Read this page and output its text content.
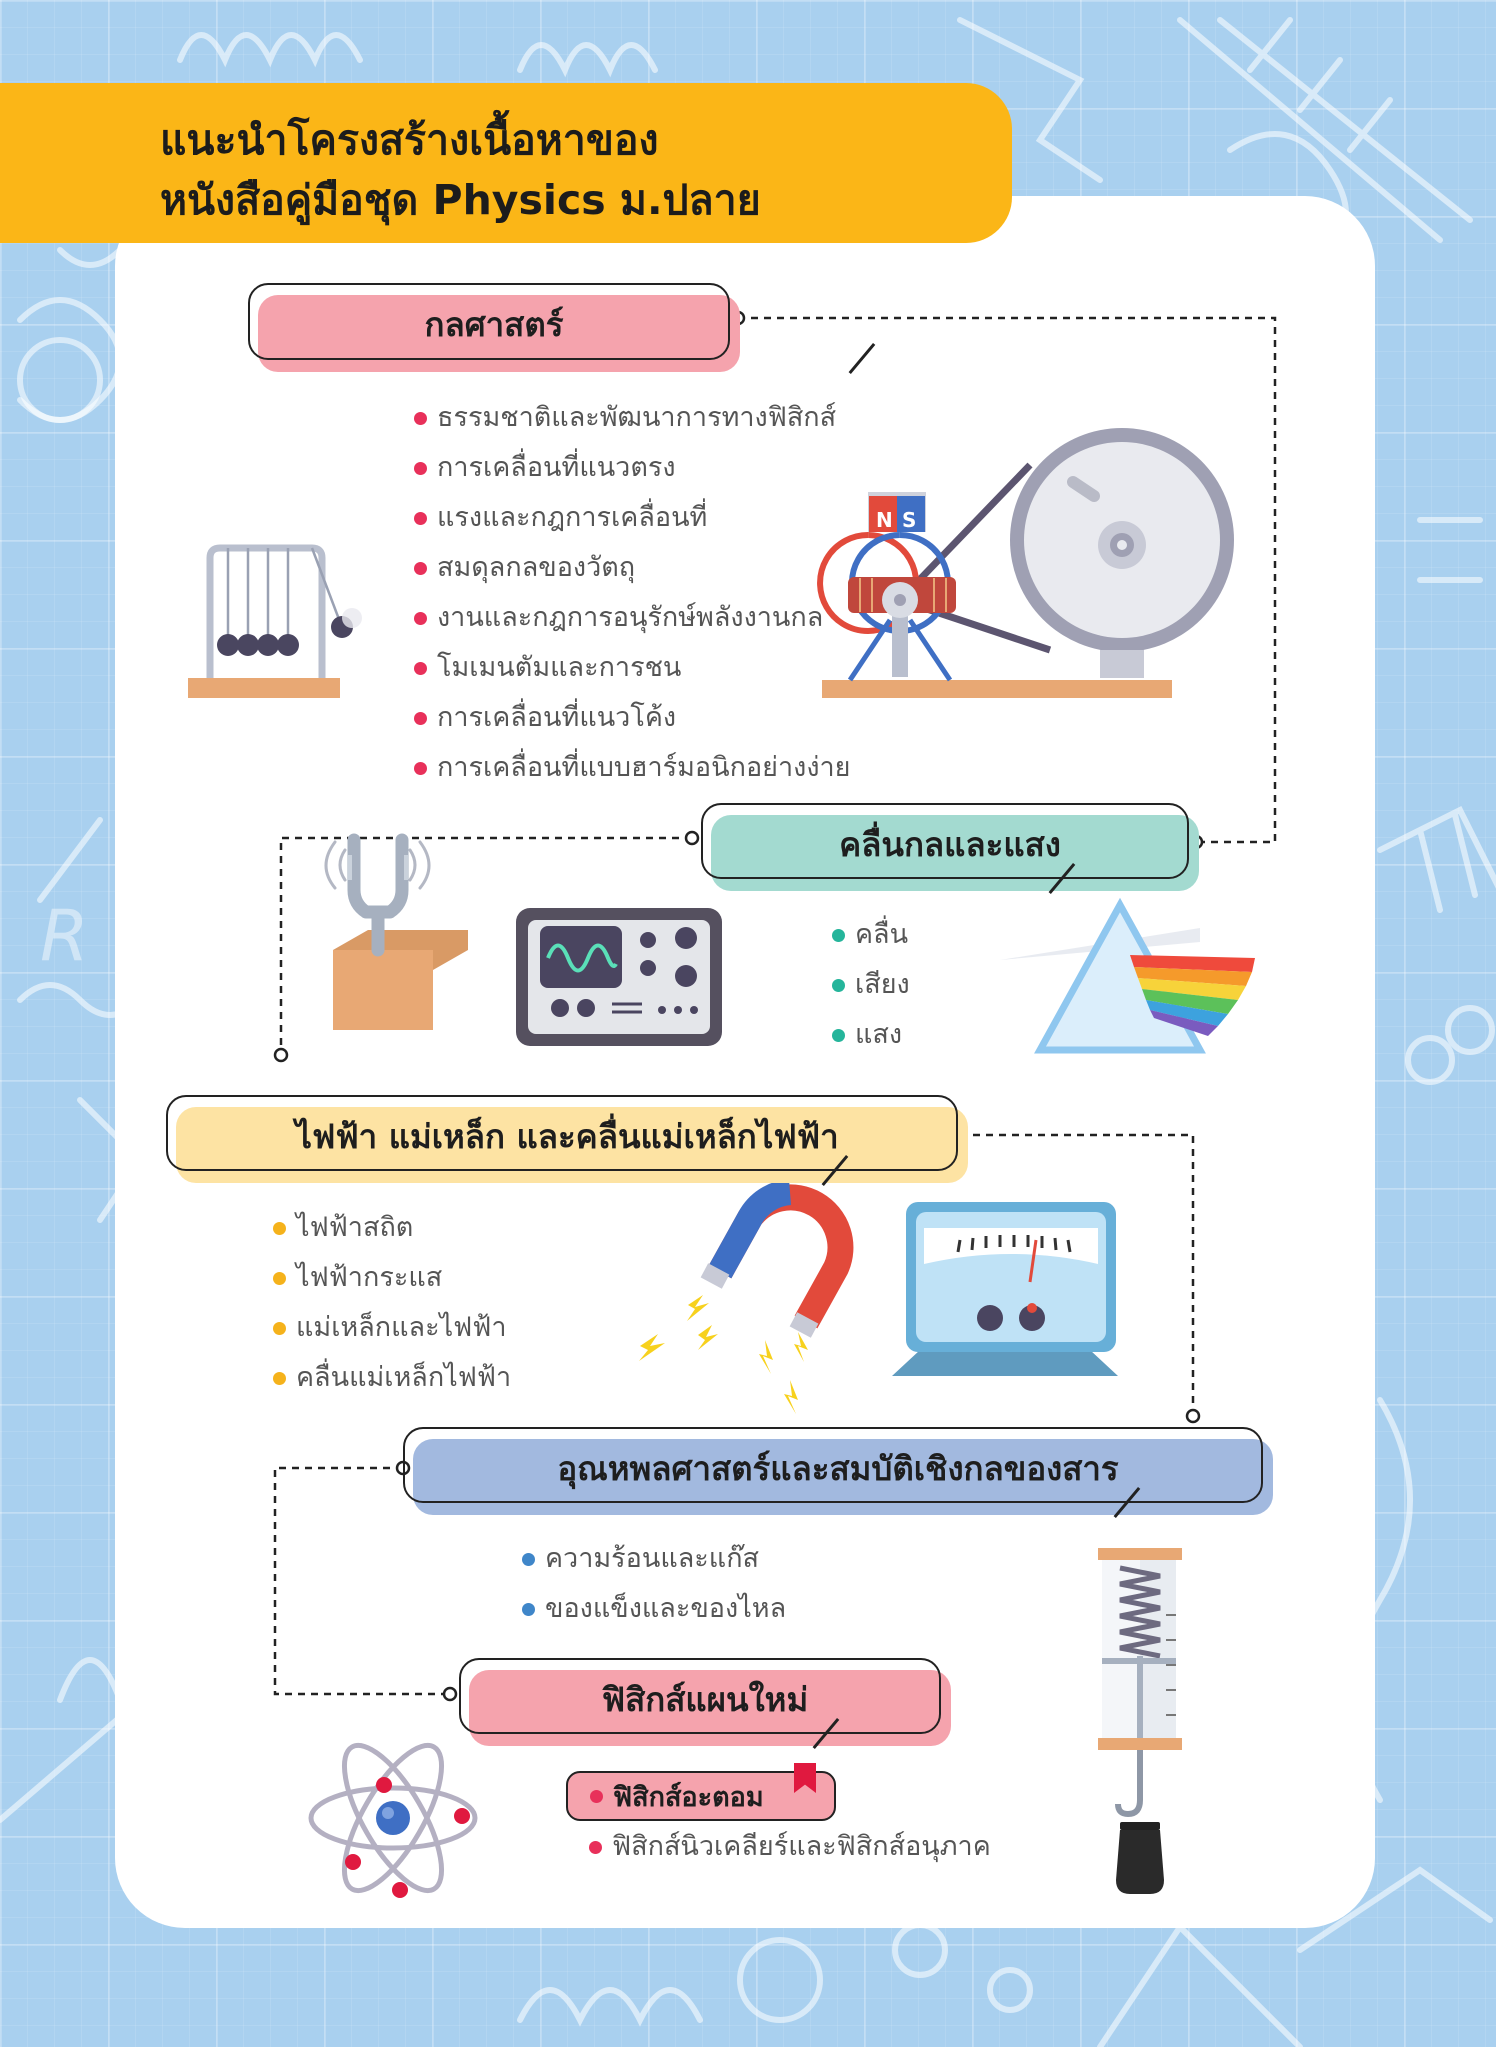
R
แนะนำโครงสร้างเนื้อหาของ
หนังสือคู่มือชุด Physics ม.ปลาย
N S
กลศาสตร์
ธรรมชาติและพัฒนาการทางฟิสิกส์
การเคลื่อนที่แนวตรง
แรงและกฎการเคลื่อนที่
สมดุลกลของวัตถุ
งานและกฎการอนุรักษ์พลังงานกล
โมเมนตัมและการชน
การเคลื่อนที่แนวโค้ง
การเคลื่อนที่แบบฮาร์มอนิกอย่างง่าย
คลื่นกลและแสง
คลื่น
เสียง
แสง
ไฟฟ้า แม่เหล็ก และคลื่นแม่เหล็กไฟฟ้า
ไฟฟ้าสถิต
ไฟฟ้ากระแส
แม่เหล็กและไฟฟ้า
คลื่นแม่เหล็กไฟฟ้า
อุณหพลศาสตร์และสมบัติเชิงกลของสาร
ความร้อนและแก๊ส
ของแข็งและของไหล
ฟิสิกส์แผนใหม่
ฟิสิกส์อะตอม
ฟิสิกส์นิวเคลียร์และฟิสิกส์อนุภาค
